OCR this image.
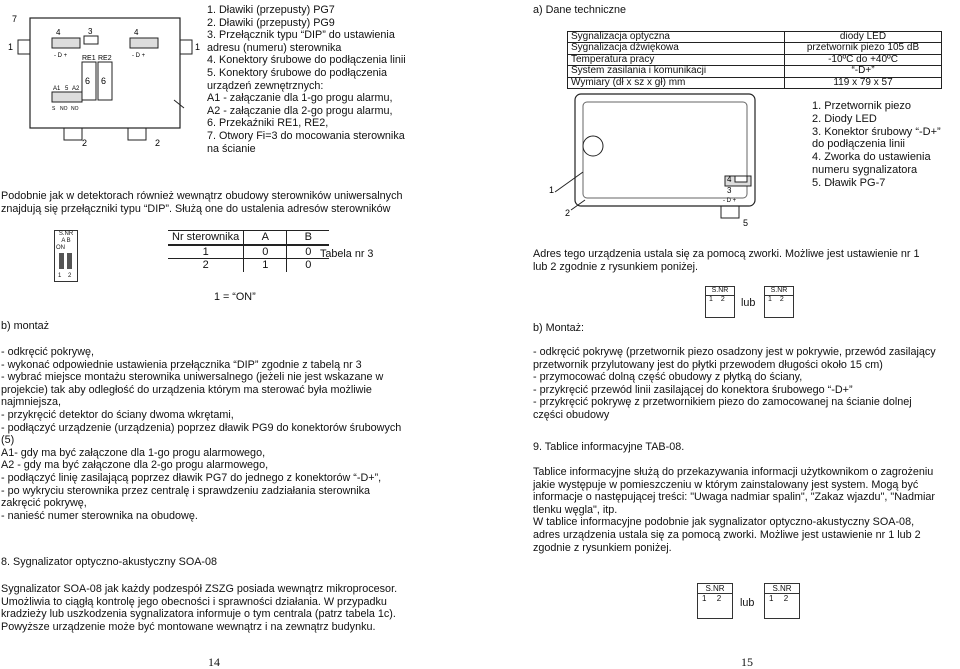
7
1	1
2	2
3
4	4
- D +	- D +
RE1 RE2
6 6
A1 5 A2
S NO NO
1. Dławiki (przepusty) PG7
2. Dławiki (przepusty) PG9
3. Przełącznik typu “DIP” do ustawienia
adresu (numeru) sterownika
4. Konektory śrubowe do podłączenia linii
5. Konektory śrubowe do podłączenia
urządzeń zewnętrznych:
A1 - załączanie dla 1-go progu alarmu,
A2 - załączanie dla 2-go progu alarmu,
6. Przekaźniki RE1, RE2,
7. Otwory Fi=3 do mocowania sterownika
na ścianie
Podobnie jak w detektorach również wewnątrz obudowy sterowników uniwersalnych
znajdują się przełączniki typu “DIP”. Służą one do ustalenia adresów sterowników
S.NR
A B
ON
1 2
Nr sterownika	A	B
1	0	0
2	1	0
Tabela nr 3
1 = “ON”
b) montaż
- odkręcić pokrywę,
- wykonać odpowiednie ustawienia przełącznika “DIP” zgodnie z tabelą nr 3
- wybrać miejsce montażu sterownika uniwersalnego (jeżeli nie jest wskazane w
projekcie) tak aby odległość do urządzenia którym ma sterować była możliwie
najmniejsza,
- przykręcić detektor do ściany dwoma wkrętami,
- podłączyć urządzenie (urządzenia) poprzez dławik PG9 do konektorów śrubowych
(5)
A1- gdy ma być załączone dla 1-go progu alarmowego,
A2 - gdy ma być załączone dla 2-go progu alarmowego,
- podłączyć linię zasilającą poprzez dławik PG7 do jednego z konektorów “-D+”,
- po wykryciu sterownika przez centralę i sprawdzeniu zadziałania sterownika
zakręcić pokrywę,
- nanieść numer sterownika na obudowę.
8. Sygnalizator optyczno-akustyczny SOA-08
Sygnalizator SOA-08 jak każdy podzespół ZSZG posiada wewnątrz mikroprocesor.
Umożliwia to ciągłą kontrolę jego obecności i sprawności działania. W przypadku
kradzieży lub uszkodzenia sygnalizatora informuje o tym centrala (patrz tabela 1c).
Powyższe urządzenie może być montowane wewnątrz i na zewnątrz budynku.
14
a) Dane techniczne
Sygnalizacja optyczna	diody LED
Sygnalizacja dźwiękowa	przetwornik piezo 105 dB
Temperatura pracy	-10ºC do +40ºC
System zasilania i komunikacji	“-D+”
Wymiary (dł x sz x gł) mm	119 x 79 x 57
1
2
3
4
5
- D +
1. Przetwornik piezo
2. Diody LED
3. Konektor śrubowy “-D+”
do podłączenia linii
4. Zworka do ustawienia
numeru sygnalizatora
5. Dławik PG-7
Adres tego urządzenia ustala się za pomocą zworki. Możliwe jest ustawienie nr 1
lub 2 zgodnie z rysunkiem poniżej.
S.NR
1 2	lub
S.NR
1 2
b) Montaż:
- odkręcić pokrywę (przetwornik piezo osadzony jest w pokrywie, przewód zasilający
przetwornik przylutowany jest do płytki przewodem długości około 15 cm)
- przymocować dolną część obudowy z płytką do ściany,
- przykręcić przewód linii zasilającej do konektora śrubowego “-D+”
- przykręcić pokrywę z przetwornikiem piezo do zamocowanej na ścianie dolnej
części obudowy
9. Tablice informacyjne TAB-08.
Tablice informacyjne służą do przekazywania informacji użytkownikom o zagrożeniu
jakie występuje w pomieszczeniu w którym zainstalowany jest system. Mogą być
informacje o następującej treści: "Uwaga nadmiar spalin", "Zakaz wjazdu", "Nadmiar
tlenku węgla", itp.
W tablice informacyjne podobnie jak sygnalizator optyczno-akustyczny SOA-08,
adres urządzenia ustala się za pomocą zworki. Możliwe jest ustawienie nr 1 lub 2
zgodnie z rysunkiem poniżej.
S.NR
1 2	lub
S.NR
1 2
15
